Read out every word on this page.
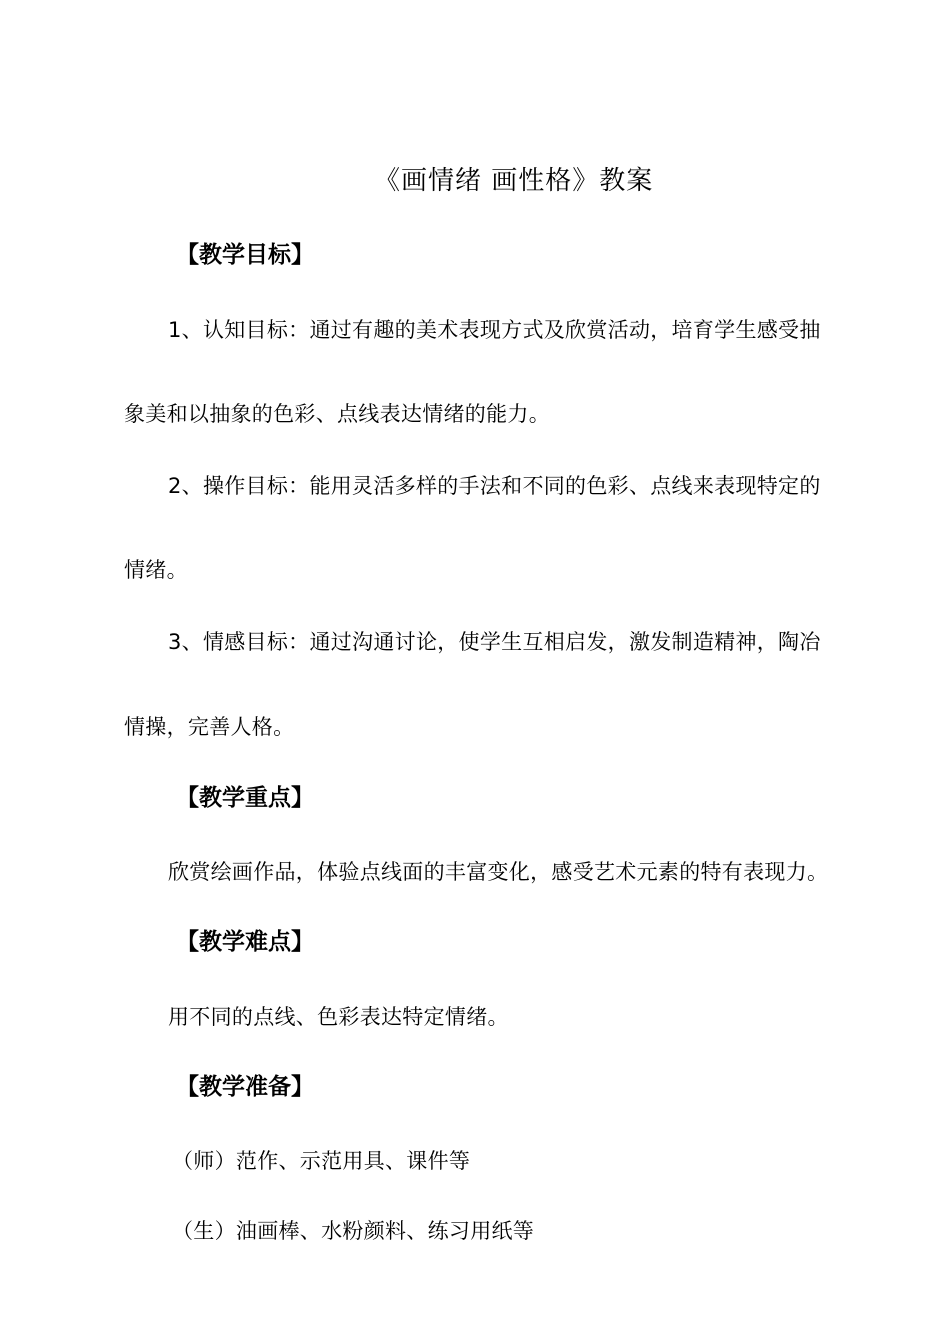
《画情绪 画性格》教案
【教学目标】
1、认知目标：通过有趣的美术表现方式及欣赏活动，培育学生感受抽
象美和以抽象的色彩、点线表达情绪的能力。
2、操作目标：能用灵活多样的手法和不同的色彩、点线来表现特定的
情绪。
3、情感目标：通过沟通讨论，使学生互相启发，激发制造精神，陶冶
情操，完善人格。
【教学重点】
欣赏绘画作品，体验点线面的丰富变化，感受艺术元素的特有表现力。
【教学难点】
用不同的点线、色彩表达特定情绪。
【教学准备】
（师）范作、示范用具、课件等
（生）油画棒、水粉颜料、练习用纸等
